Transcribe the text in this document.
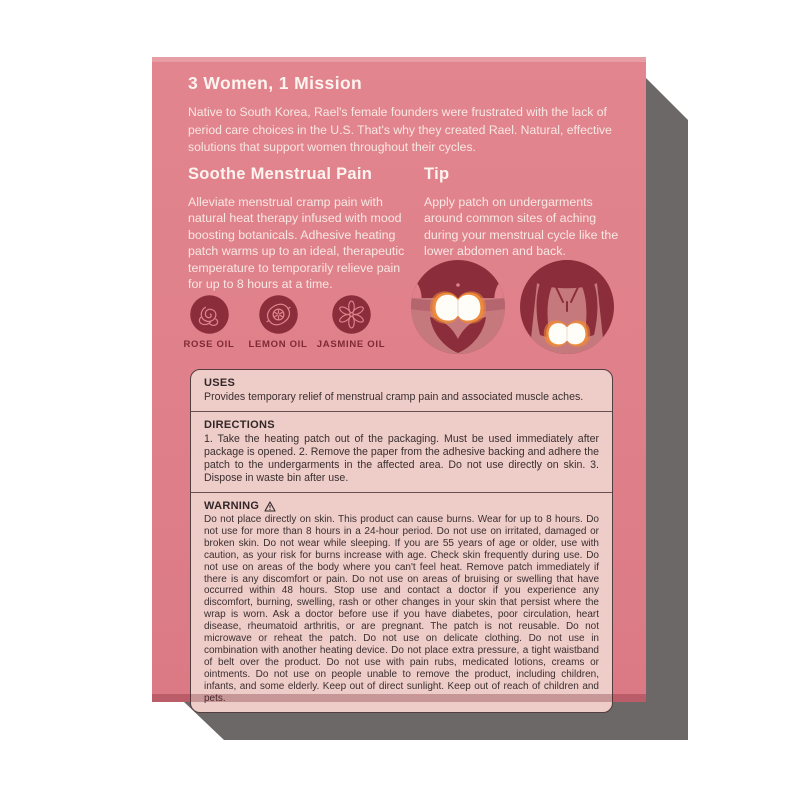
3 Women, 1 Mission
Native to South Korea, Rael's female founders were frustrated with the lack of period care choices in the U.S. That's why they created Rael. Natural, effective solutions that support women throughout their cycles.
Soothe Menstrual Pain
Alleviate menstrual cramp pain with natural heat therapy infused with mood boosting botanicals. Adhesive heating patch warms up to an ideal, therapeutic temperature to temporarily relieve pain for up to 8 hours at a time.
Tip
Apply patch on undergarments around common sites of aching during your menstrual cycle like the lower abdomen and back.
ROSE OIL	LEMON OIL JASMINE OIL
USES
Provides temporary relief of menstrual cramp pain and associated muscle aches.
DIRECTIONS
1. Take the heating patch out of the packaging. Must be used immediately after package is opened. 2. Remove the paper from the adhesive backing and adhere the patch to the undergarments in the affected area. Do not use directly on skin. 3. Dispose in waste bin after use.
WARNING
Do not place directly on skin. This product can cause burns. Wear for up to 8 hours. Do not use for more than 8 hours in a 24-hour period. Do not use on irritated, damaged or broken skin. Do not wear while sleeping. If you are 55 years of age or older, use with caution, as your risk for burns increase with age. Check skin frequently during use. Do not use on areas of the body where you can't feel heat. Remove patch immediately if there is any discomfort or pain. Do not use on areas of bruising or swelling that have occurred within 48 hours. Stop use and contact a doctor if you experience any discomfort, burning, swelling, rash or other changes in your skin that persist where the wrap is worn. Ask a doctor before use if you have diabetes, poor circulation, heart disease, rheumatoid arthritis, or are pregnant. The patch is not reusable. Do not microwave or reheat the patch. Do not use on delicate clothing. Do not use in combination with another heating device. Do not place extra pressure, a tight waistband of belt over the product. Do not use with pain rubs, medicated lotions, creams or ointments. Do not use on people unable to remove the product, including children, infants, and some elderly. Keep out of direct sunlight. Keep out of reach of children and pets.
